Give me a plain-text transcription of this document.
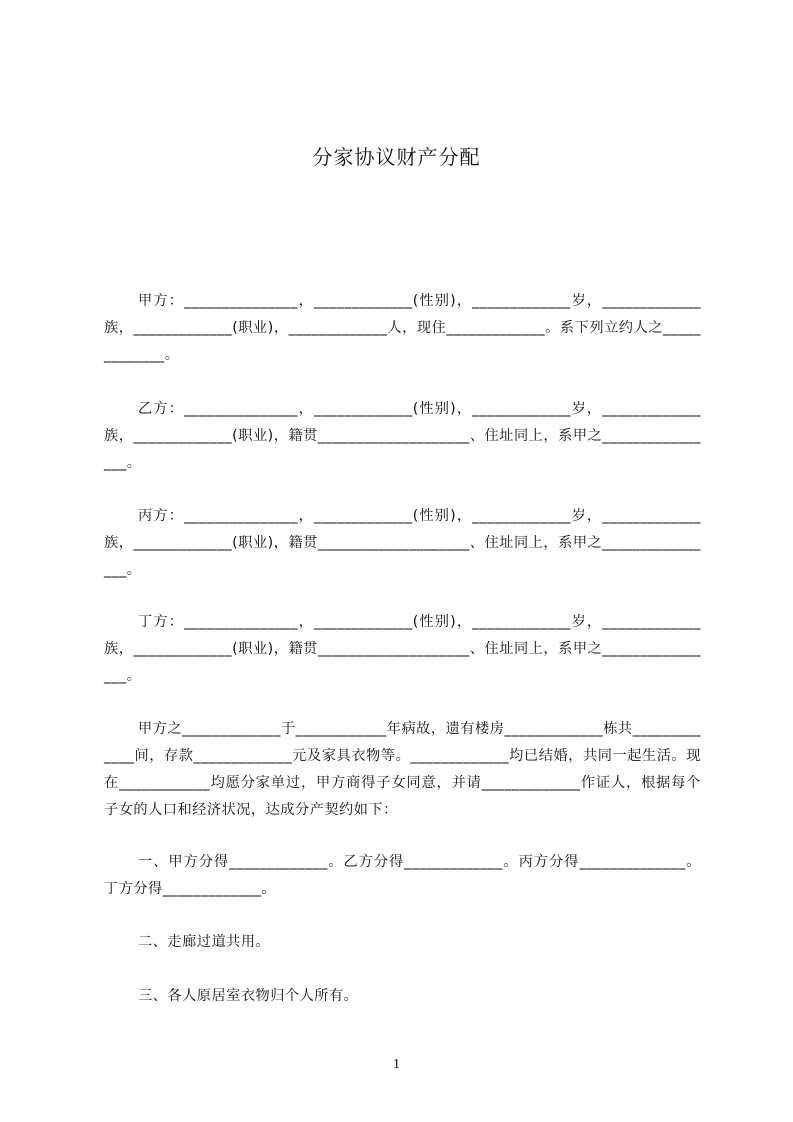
分家协议财产分配
甲方：_______________，_____________(性别)，_____________岁，_____________族，_____________(职业)，_____________人，现住_____________。系下列立约人之_____________。
乙方：_______________，_____________(性别)，_____________岁，_____________族，_____________(职业)，籍贯____________________、住址同上，系甲之________________。
丙方：_______________，_____________(性别)，_____________岁，_____________族，_____________(职业)，籍贯____________________、住址同上，系甲之________________。
丁方：_______________，_____________(性别)，_____________岁，_____________族，_____________(职业)，籍贯____________________、住址同上，系甲之________________。
甲方之_____________于____________年病故，遗有楼房_____________栋共_____________间，存款_____________元及家具衣物等。_____________均已结婚，共同一起生活。现在____________均愿分家单过，甲方商得子女同意，并请_____________作证人，根据每个子女的人口和经济状况，达成分产契约如下：
一、甲方分得_____________。乙方分得_____________。丙方分得______________。丁方分得_____________。
二、走廊过道共用。
三、各人原居室衣物归个人所有。
1
